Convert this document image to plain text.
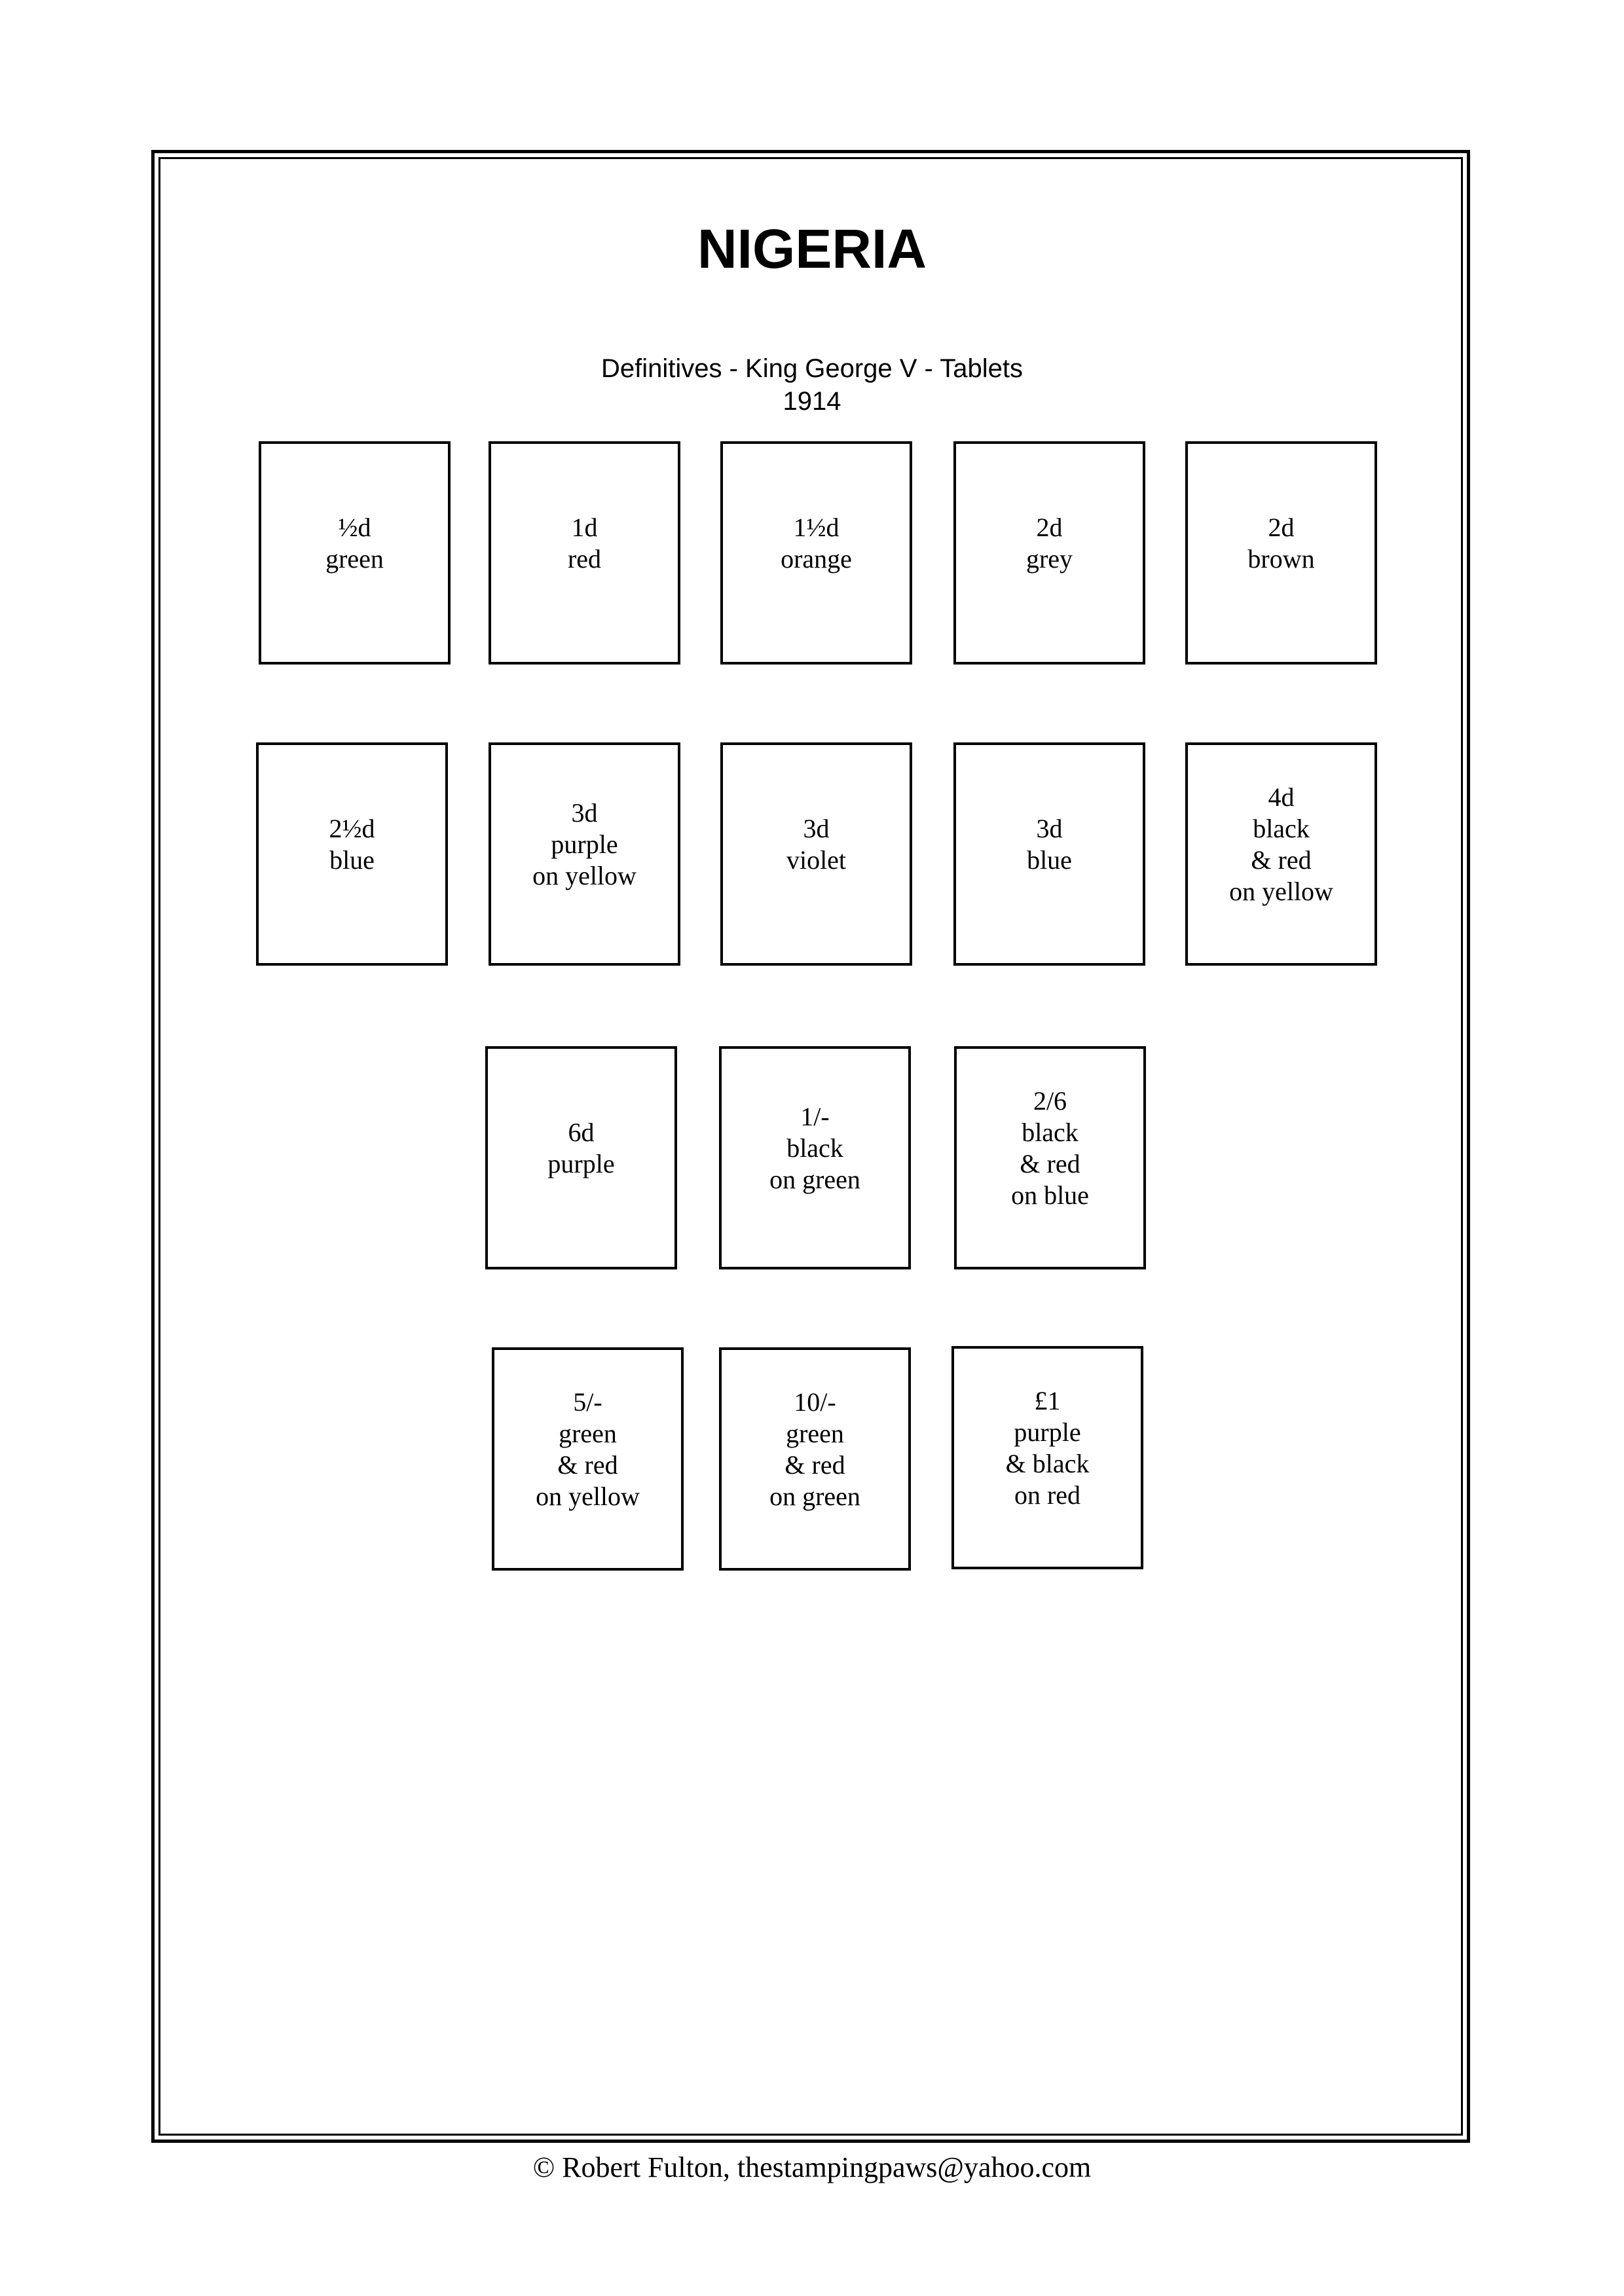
NIGERIA
Definitives - King George V - Tablets
1914
½d
green
1d
red
1½d
orange
2d
grey
2d
brown
2½d
blue
3d
purple
on yellow
3d
violet
3d
blue
4d
black
& red
on yellow
6d
purple
1/-
black
on green
2/6
black
& red
on blue
5/-
green
& red
on yellow
10/-
green
& red
on green
£1
purple
& black
on red
© Robert Fulton, thestampingpaws@yahoo.com
